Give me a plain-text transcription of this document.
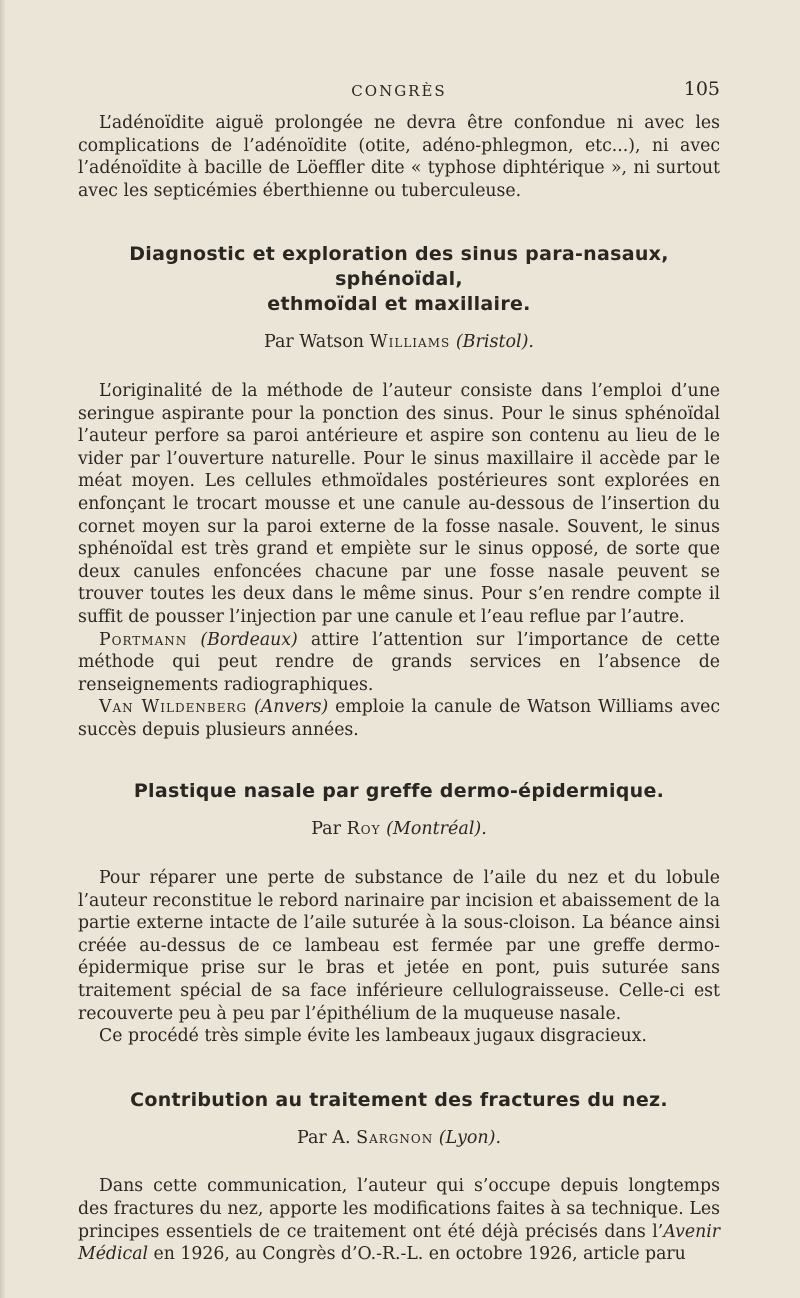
CONGRÈS	105

L’adénoïdite aiguë prolongée ne devra être confondue ni avec les complications de l’adénoïdite (otite, adéno-phlegmon, etc...), ni avec l’adénoïdite à bacille de Löeffler dite « typhose diphtérique », ni surtout avec les septicémies éberthienne ou tuberculeuse.

Diagnostic et exploration des sinus para-nasaux, sphénoïdal,
ethmoïdal et maxillaire.
Par Watson Williams (Bristol).

L’originalité de la méthode de l’auteur consiste dans l’emploi d’une seringue aspirante pour la ponction des sinus. Pour le sinus sphénoïdal l’auteur perfore sa paroi antérieure et aspire son contenu au lieu de le vider par l’ouverture naturelle. Pour le sinus maxillaire il accède par le méat moyen. Les cellules ethmoïdales postérieures sont explorées en enfonçant le trocart mousse et une canule au-dessous de l’insertion du cornet moyen sur la paroi externe de la fosse nasale. Souvent, le sinus sphénoïdal est très grand et empiète sur le sinus opposé, de sorte que deux canules enfoncées chacune par une fosse nasale peuvent se trouver toutes les deux dans le même sinus. Pour s’en rendre compte il suffit de pousser l’injection par une canule et l’eau reflue par l’autre.

Portmann (Bordeaux) attire l’attention sur l’importance de cette méthode qui peut rendre de grands services en l’absence de renseignements radiographiques.

Van Wildenberg (Anvers) emploie la canule de Watson Williams avec succès depuis plusieurs années.

Plastique nasale par greffe dermo-épidermique.
Par Roy (Montréal).

Pour réparer une perte de substance de l’aile du nez et du lobule l’auteur reconstitue le rebord narinaire par incision et abaissement de la partie externe intacte de l’aile suturée à la sous-cloison. La béance ainsi créée au-dessus de ce lambeau est fermée par une greffe dermo-épidermique prise sur le bras et jetée en pont, puis suturée sans traitement spécial de sa face inférieure cellulograisseuse. Celle-ci est recouverte peu à peu par l’épithélium de la muqueuse nasale.

Ce procédé très simple évite les lambeaux jugaux disgracieux.

Contribution au traitement des fractures du nez.
Par A. Sargnon (Lyon).

Dans cette communication, l’auteur qui s’occupe depuis longtemps des fractures du nez, apporte les modifications faites à sa technique. Les principes essentiels de ce traitement ont été déjà précisés dans l’Avenir Médical en 1926, au Congrès d’O.-R.-L. en octobre 1926, article paru
